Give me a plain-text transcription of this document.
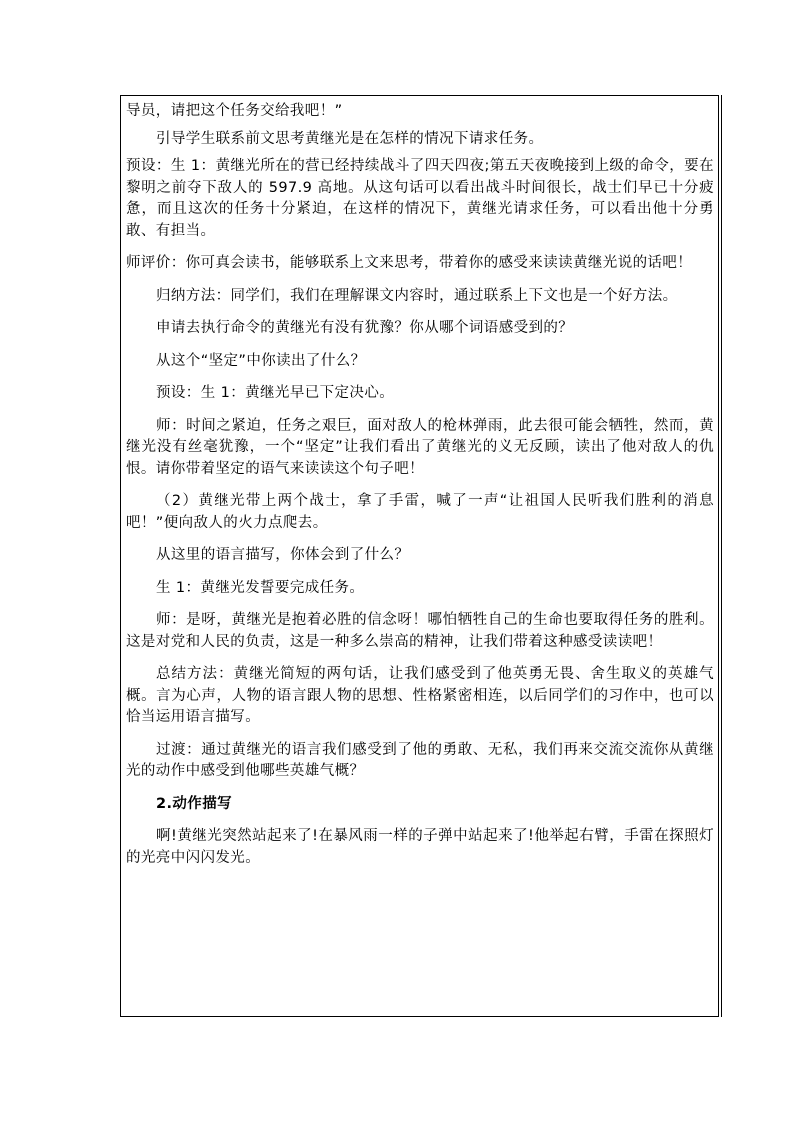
导员，请把这个任务交给我吧！”

引导学生联系前文思考黄继光是在怎样的情况下请求任务。

预设：生 1：黄继光所在的营已经持续战斗了四天四夜;第五天夜晚接到上级的命令，要在黎明之前夺下敌人的 597.9 高地。从这句话可以看出战斗时间很长，战士们早已十分疲惫，而且这次的任务十分紧迫，在这样的情况下，黄继光请求任务，可以看出他十分勇敢、有担当。

师评价：你可真会读书，能够联系上文来思考，带着你的感受来读读黄继光说的话吧！

归纳方法：同学们，我们在理解课文内容时，通过联系上下文也是一个好方法。

申请去执行命令的黄继光有没有犹豫？你从哪个词语感受到的？

从这个“坚定”中你读出了什么？

预设：生 1：黄继光早已下定决心。

师：时间之紧迫，任务之艰巨，面对敌人的枪林弹雨，此去很可能会牺牲，然而，黄继光没有丝毫犹豫，一个“坚定”让我们看出了黄继光的义无反顾，读出了他对敌人的仇恨。请你带着坚定的语气来读读这个句子吧！

（2）黄继光带上两个战士，拿了手雷，喊了一声“让祖国人民听我们胜利的消息吧！”便向敌人的火力点爬去。

从这里的语言描写，你体会到了什么？

生 1：黄继光发誓要完成任务。

师：是呀，黄继光是抱着必胜的信念呀！哪怕牺牲自己的生命也要取得任务的胜利。这是对党和人民的负责，这是一种多么崇高的精神，让我们带着这种感受读读吧！

总结方法：黄继光简短的两句话，让我们感受到了他英勇无畏、舍生取义的英雄气概。言为心声，人物的语言跟人物的思想、性格紧密相连，以后同学们的习作中，也可以恰当运用语言描写。

过渡：通过黄继光的语言我们感受到了他的勇敢、无私，我们再来交流交流你从黄继光的动作中感受到他哪些英雄气概？

2.动作描写

啊!黄继光突然站起来了!在暴风雨一样的子弹中站起来了!他举起右臂，手雷在探照灯的光亮中闪闪发光。
